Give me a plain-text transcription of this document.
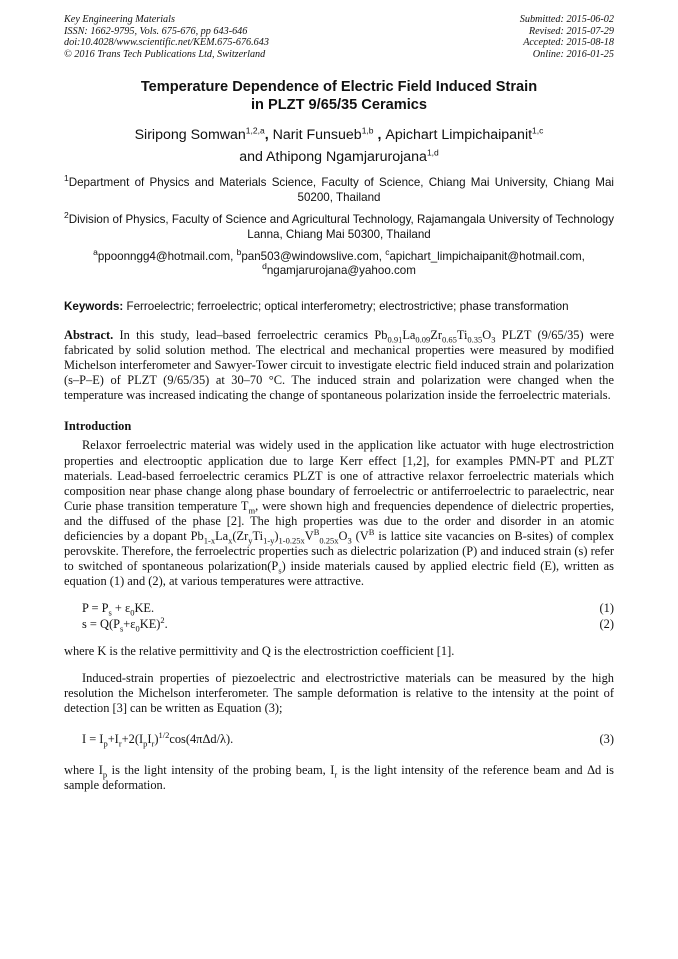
Key Engineering Materials
ISSN: 1662-9795, Vols. 675-676, pp 643-646
doi:10.4028/www.scientific.net/KEM.675-676.643
© 2016 Trans Tech Publications Ltd, Switzerland
Submitted: 2015-06-02
Revised: 2015-07-29
Accepted: 2015-08-18
Online: 2016-01-25
Temperature Dependence of Electric Field Induced Strain
in PLZT 9/65/35 Ceramics
Siripong Somwan$^{1,2,a}$, Narit Funsueb$^{1,b}$ , Apichart Limpichaipanit$^{1,c}$
and Athipong Ngamjarurojana$^{1,d}$
$^1$Department of Physics and Materials Science, Faculty of Science, Chiang Mai University, Chiang Mai 50200, Thailand
$^2$Division of Physics, Faculty of Science and Agricultural Technology, Rajamangala University of Technology Lanna, Chiang Mai 50300, Thailand
$^a$ppoonngg4@hotmail.com, $^b$pan503@windowslive.com, $^c$apichart_limpichaipanit@hotmail.com,
$^d$ngamjarurojana@yahoo.com
Keywords: Ferroelectric; ferroelectric; optical interferometry; electrostrictive; phase transformation
Abstract. In this study, lead–based ferroelectric ceramics $Pb_{0.91}La_{0.09}Zr_{0.65}Ti_{0.35}O_3$ PLZT (9/65/35) were fabricated by solid solution method. The electrical and mechanical properties were measured by modified Michelson interferometer and Sawyer-Tower circuit to investigate electric field induced strain and polarization (s–P–E) of PLZT (9/65/35) at 30–70 °C. The induced strain and polarization were changed when the temperature was increased indicating the change of spontaneous polarization inside the ferroelectric materials.
Introduction

Relaxor ferroelectric material was widely used in the application like actuator with huge electrostriction properties and electrooptic application due to large Kerr effect [1,2], for examples PMN-PT and PLZT materials. Lead-based ferroelectric ceramics PLZT is one of attractive relaxor ferroelectric materials which composition near phase change along phase boundary of ferroelectric or antiferroelectric to paraelectric, near Curie phase transition temperature $T_m$, were shown high and frequencies dependence of dielectric properties, and the diffused of the phase [2]. The high properties was due to the order and disorder in an atomic deficiencies by a dopant $Pb_{1-x}La_x(Zr_yTi_{1-y})_{1-0.25x}V^B_{0.25x}O_3$ ($V^B$ is lattice site vacancies on B-sites) of complex perovskite. Therefore, the ferroelectric properties such as dielectric polarization (P) and induced strain (s) refer to switched of spontaneous $polarization(P_s)$ inside materials caused by applied electric field (E), written as equation (1) and (2), at various temperatures were attractive.

$P = P_s + \varepsilon_0KE$.	(1)
$s = Q(P_s+\varepsilon_0KE)^2$.	(2)

where K is the relative permittivity and Q is the electrostriction coefficient [1].

Induced-strain properties of piezoelectric and electrostrictive materials can be measured by the high resolution the Michelson interferometer. The sample deformation is relative to the intensity at the point of detection [3] can be written as Equation (3);

$I = I_p+I_r+2(I_pI_r)^{1/2}\cos(4\pi\Delta d/\lambda)$.	(3)

where $I_p$ is the light intensity of the probing beam, $I_r$ is the light intensity of the reference beam and Δd is sample deformation.
